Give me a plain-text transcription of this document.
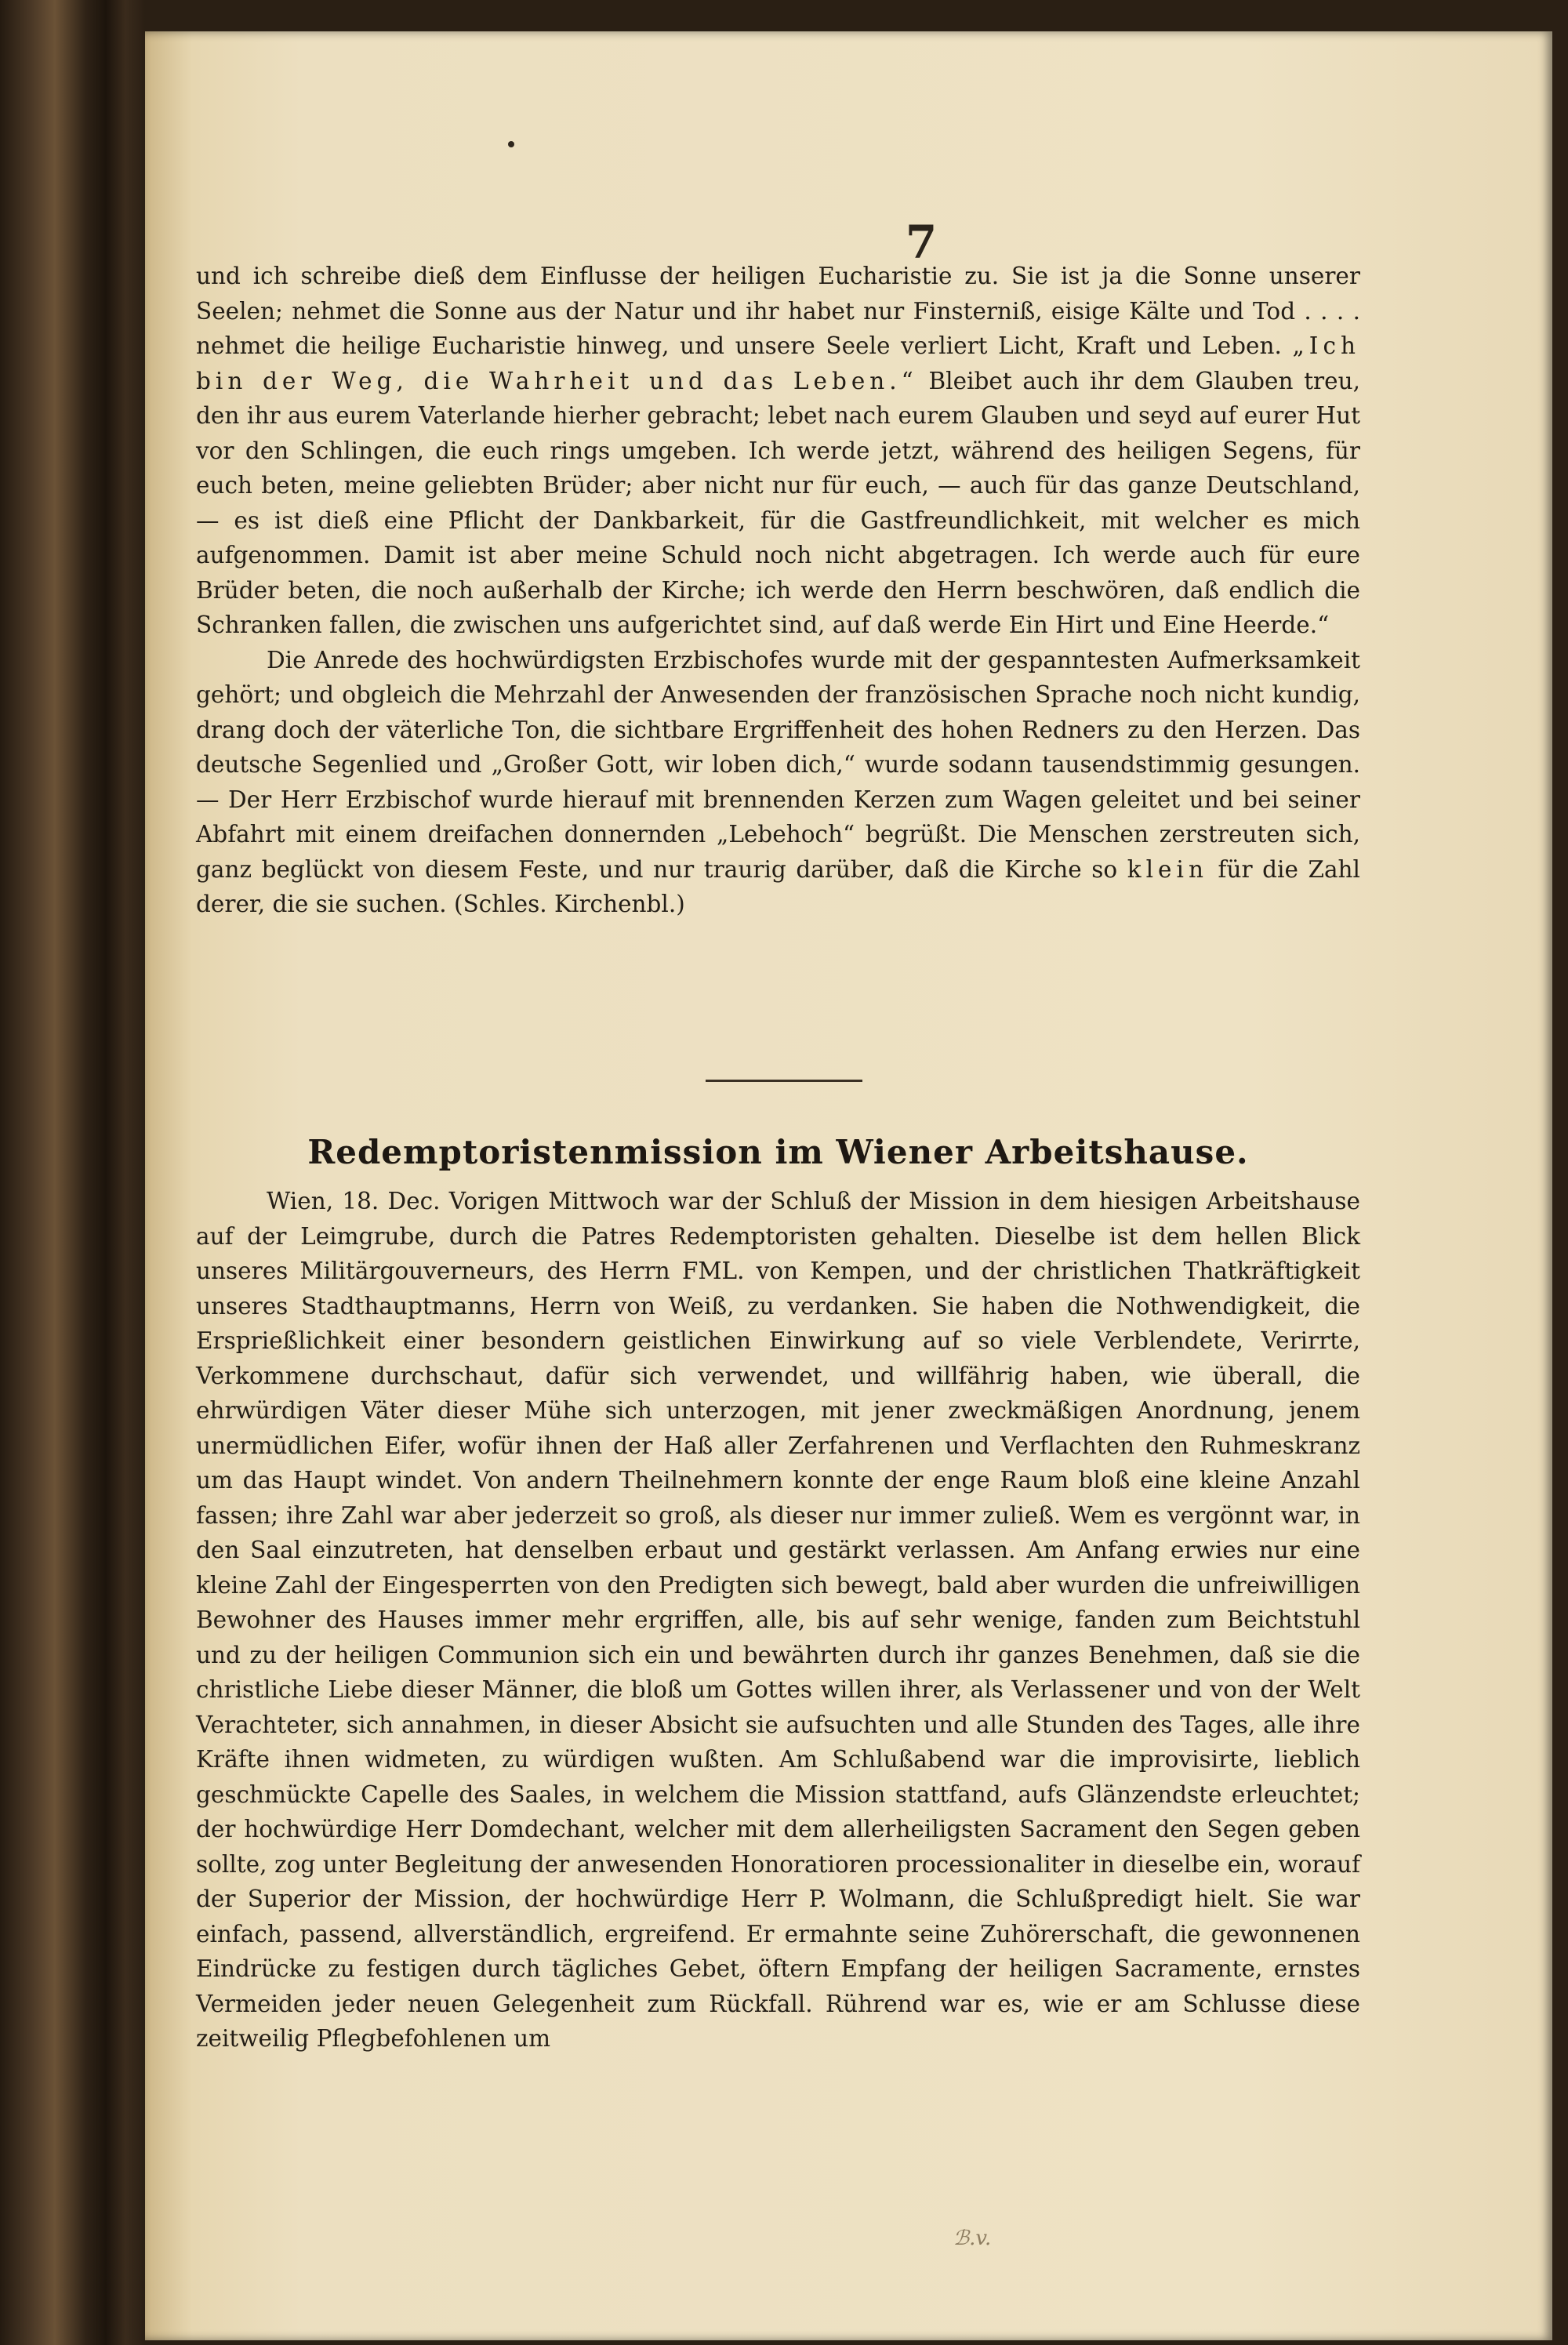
7

und ich schreibe dieß dem Einflusse der heiligen Eucharistie zu. Sie ist ja die Sonne unserer Seelen; nehmet die Sonne aus der Natur und ihr habet nur Finsterniß, eisige Kälte und Tod . . . . nehmet die heilige Eucharistie hinweg, und unsere Seele verliert Licht, Kraft und Leben. „Ich bin der Weg, die Wahrheit und das Leben.“ Bleibet auch ihr dem Glauben treu, den ihr aus eurem Vaterlande hierher gebracht; lebet nach eurem Glauben und seyd auf eurer Hut vor den Schlingen, die euch rings umgeben. Ich werde jetzt, während des heiligen Segens, für euch beten, meine geliebten Brüder; aber nicht nur für euch, — auch für das ganze Deutschland, — es ist dieß eine Pflicht der Dankbarkeit, für die Gastfreundlichkeit, mit welcher es mich aufgenommen. Damit ist aber meine Schuld noch nicht abgetragen. Ich werde auch für eure Brüder beten, die noch außerhalb der Kirche; ich werde den Herrn beschwören, daß endlich die Schranken fallen, die zwischen uns aufgerichtet sind, auf daß werde Ein Hirt und Eine Heerde.“

Die Anrede des hochwürdigsten Erzbischofes wurde mit der gespanntesten Aufmerksamkeit gehört; und obgleich die Mehrzahl der Anwesenden der französischen Sprache noch nicht kundig, drang doch der väterliche Ton, die sichtbare Ergriffenheit des hohen Redners zu den Herzen. Das deutsche Segenlied und „Großer Gott, wir loben dich,“ wurde sodann tausendstimmig gesungen. — Der Herr Erzbischof wurde hierauf mit brennenden Kerzen zum Wagen geleitet und bei seiner Abfahrt mit einem dreifachen donnernden „Lebehoch“ begrüßt. Die Menschen zerstreuten sich, ganz beglückt von diesem Feste, und nur traurig darüber, daß die Kirche so klein für die Zahl derer, die sie suchen. (Schles. Kirchenbl.)

Redemptoristenmission im Wiener Arbeitshause.

Wien, 18. Dec. Vorigen Mittwoch war der Schluß der Mission in dem hiesigen Arbeitshause auf der Leimgrube, durch die Patres Redemptoristen gehalten. Dieselbe ist dem hellen Blick unseres Militärgouverneurs, des Herrn FML. von Kempen, und der christlichen Thatkräftigkeit unseres Stadthauptmanns, Herrn von Weiß, zu verdanken. Sie haben die Nothwendigkeit, die Ersprießlichkeit einer besondern geistlichen Einwirkung auf so viele Verblendete, Verirrte, Verkommene durchschaut, dafür sich verwendet, und willfährig haben, wie überall, die ehrwürdigen Väter dieser Mühe sich unterzogen, mit jener zweckmäßigen Anordnung, jenem unermüdlichen Eifer, wofür ihnen der Haß aller Zerfahrenen und Verflachten den Ruhmeskranz um das Haupt windet. Von andern Theilnehmern konnte der enge Raum bloß eine kleine Anzahl fassen; ihre Zahl war aber jederzeit so groß, als dieser nur immer zuließ. Wem es vergönnt war, in den Saal einzutreten, hat denselben erbaut und gestärkt verlassen. Am Anfang erwies nur eine kleine Zahl der Eingesperrten von den Predigten sich bewegt, bald aber wurden die unfreiwilligen Bewohner des Hauses immer mehr ergriffen, alle, bis auf sehr wenige, fanden zum Beichtstuhl und zu der heiligen Communion sich ein und bewährten durch ihr ganzes Benehmen, daß sie die christliche Liebe dieser Männer, die bloß um Gottes willen ihrer, als Verlassener und von der Welt Verachteter, sich annahmen, in dieser Absicht sie aufsuchten und alle Stunden des Tages, alle ihre Kräfte ihnen widmeten, zu würdigen wußten. Am Schlußabend war die improvisirte, lieblich geschmückte Capelle des Saales, in welchem die Mission stattfand, aufs Glänzendste erleuchtet; der hochwürdige Herr Domdechant, welcher mit dem allerheiligsten Sacrament den Segen geben sollte, zog unter Begleitung der anwesenden Honoratioren processionaliter in dieselbe ein, worauf der Superior der Mission, der hochwürdige Herr P. Wolmann, die Schlußpredigt hielt. Sie war einfach, passend, allverständlich, ergreifend. Er ermahnte seine Zuhörerschaft, die gewonnenen Eindrücke zu festigen durch tägliches Gebet, öftern Empfang der heiligen Sacramente, ernstes Vermeiden jeder neuen Gelegenheit zum Rückfall. Rührend war es, wie er am Schlusse diese zeitweilig Pflegbefohlenen um

ℬ.v.
